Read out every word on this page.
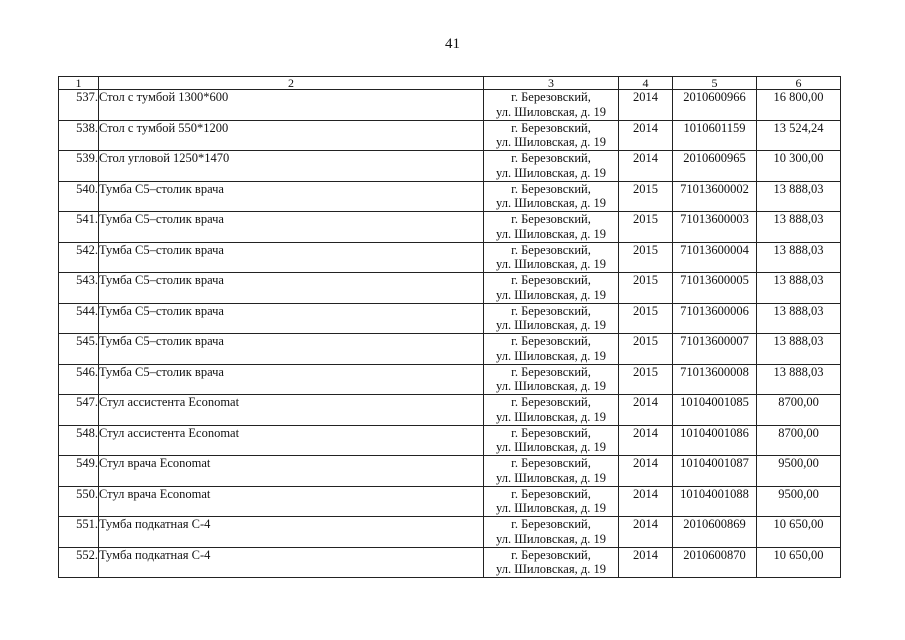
41
1	2	3	4	5	6
537.	Стол с тумбой 1300*600	г. Березовский,
ул. Шиловская, д. 19	2014	2010600966	16 800,00
538.	Стол с тумбой 550*1200	г. Березовский,
ул. Шиловская, д. 19	2014	1010601159	13 524,24
539.	Стол угловой 1250*1470	г. Березовский,
ул. Шиловская, д. 19	2014	2010600965	10 300,00
540.	Тумба С5–столик врача	г. Березовский,
ул. Шиловская, д. 19	2015	71013600002	13 888,03
541.	Тумба С5–столик врача	г. Березовский,
ул. Шиловская, д. 19	2015	71013600003	13 888,03
542.	Тумба С5–столик врача	г. Березовский,
ул. Шиловская, д. 19	2015	71013600004	13 888,03
543.	Тумба С5–столик врача	г. Березовский,
ул. Шиловская, д. 19	2015	71013600005	13 888,03
544.	Тумба С5–столик врача	г. Березовский,
ул. Шиловская, д. 19	2015	71013600006	13 888,03
545.	Тумба С5–столик врача	г. Березовский,
ул. Шиловская, д. 19	2015	71013600007	13 888,03
546.	Тумба С5–столик врача	г. Березовский,
ул. Шиловская, д. 19	2015	71013600008	13 888,03
547.	Стул ассистента Economat	г. Березовский,
ул. Шиловская, д. 19	2014	10104001085	8700,00
548.	Стул ассистента Economat	г. Березовский,
ул. Шиловская, д. 19	2014	10104001086	8700,00
549.	Стул врача Economat	г. Березовский,
ул. Шиловская, д. 19	2014	10104001087	9500,00
550.	Стул врача Economat	г. Березовский,
ул. Шиловская, д. 19	2014	10104001088	9500,00
551.	Тумба подкатная С-4	г. Березовский,
ул. Шиловская, д. 19	2014	2010600869	10 650,00
552.	Тумба подкатная С-4	г. Березовский,
ул. Шиловская, д. 19	2014	2010600870	10 650,00
